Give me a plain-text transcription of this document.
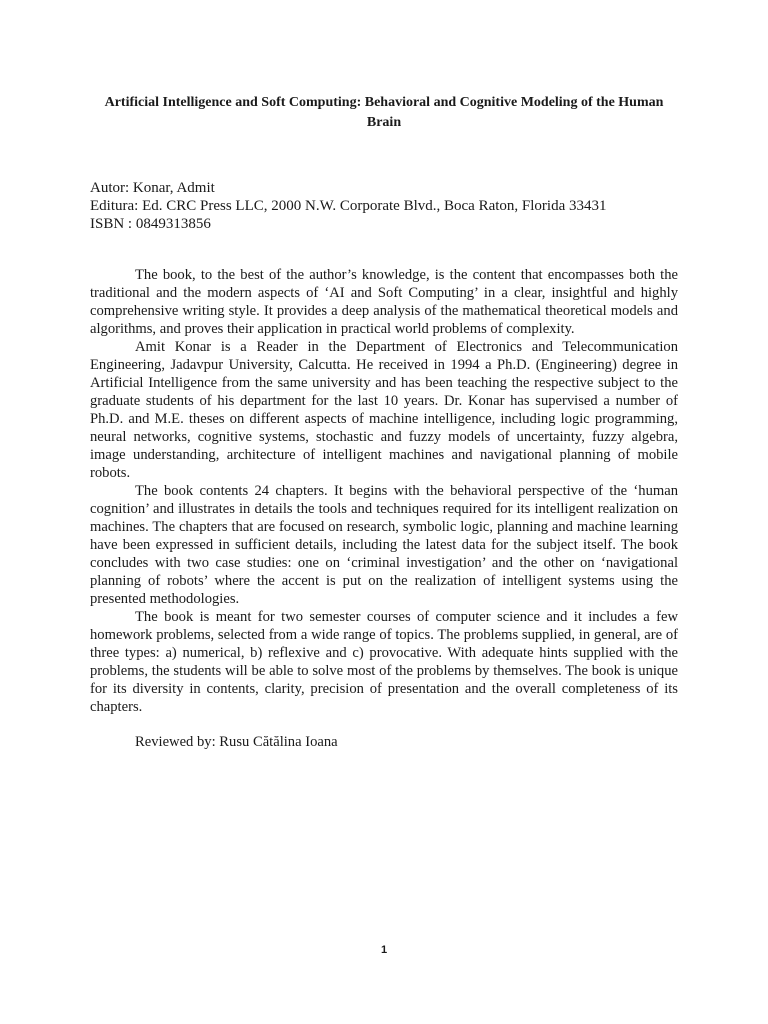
Artificial Intelligence and Soft Computing: Behavioral and Cognitive Modeling of the Human Brain
Autor: Konar, Admit
Editura: Ed. CRC Press LLC, 2000 N.W. Corporate Blvd., Boca Raton, Florida 33431
ISBN : 0849313856

The book, to the best of the author’s knowledge, is the content that encompasses both the traditional and the modern aspects of ‘AI and Soft Computing’ in a clear, insightful and highly comprehensive writing style. It provides a deep analysis of the mathematical theoretical models and algorithms, and proves their application in practical world problems of complexity.

Amit Konar is a Reader in the Department of Electronics and Telecommunication Engineering, Jadavpur University, Calcutta. He received in 1994 a Ph.D. (Engineering) degree in Artificial Intelligence from the same university and has been teaching the respective subject to the graduate students of his department for the last 10 years. Dr. Konar has supervised a number of Ph.D. and M.E. theses on different aspects of machine intelligence, including logic programming, neural networks, cognitive systems, stochastic and fuzzy models of uncertainty, fuzzy algebra, image understanding, architecture of intelligent machines and navigational planning of mobile robots.

The book contents 24 chapters. It begins with the behavioral perspective of the ‘human cognition’ and illustrates in details the tools and techniques required for its intelligent realization on machines. The chapters that are focused on research, symbolic logic, planning and machine learning have been expressed in sufficient details, including the latest data for the subject itself. The book concludes with two case studies: one on ‘criminal investigation’ and the other on ‘navigational planning of robots’ where the accent is put on the realization of intelligent systems using the presented methodologies.

The book is meant for two semester courses of computer science and it includes a few homework problems, selected from a wide range of topics. The problems supplied, in general, are of three types: a) numerical, b) reflexive and c) provocative. With adequate hints supplied with the problems, the students will be able to solve most of the problems by themselves. The book is unique for its diversity in contents, clarity, precision of presentation and the overall completeness of its chapters.

Reviewed by: Rusu Cătălina Ioana
1
